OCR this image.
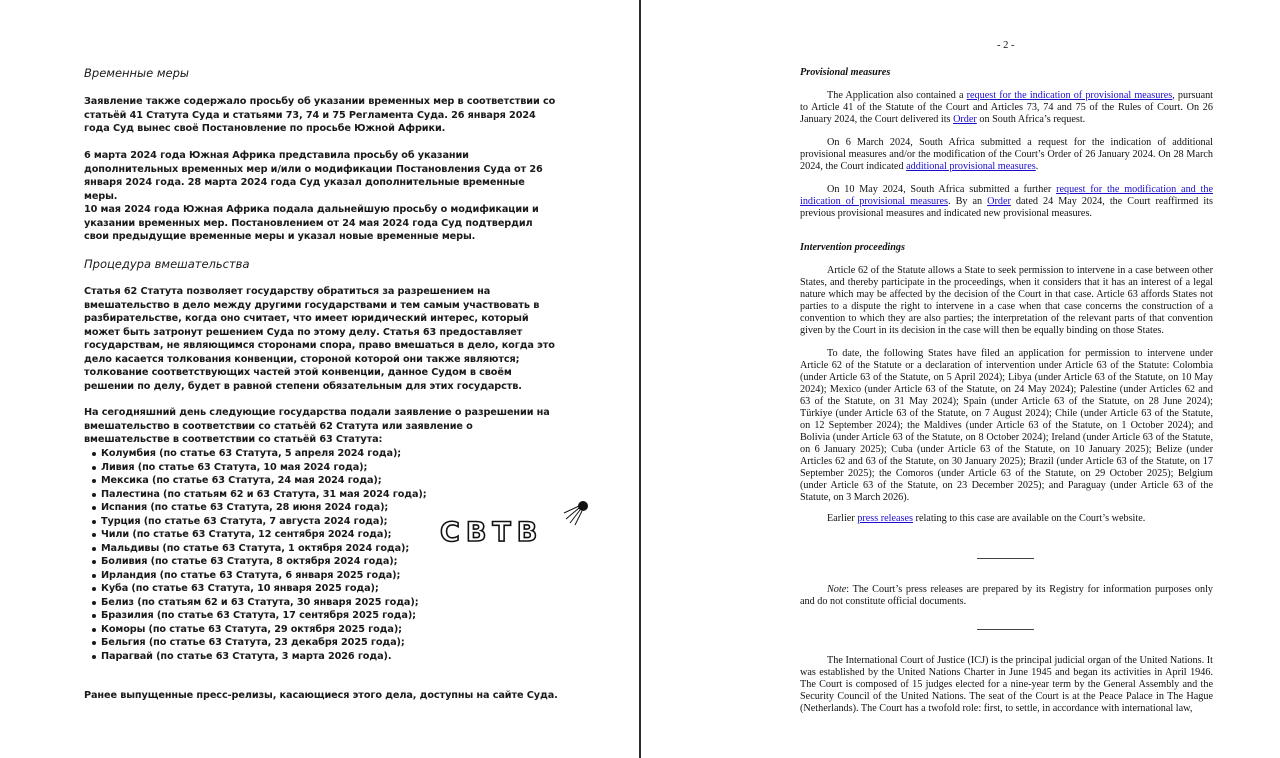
Временные меры
Заявление также содержало просьбу об указании временных мер в соответствии со статьёй 41 Статута Суда и статьями 73, 74 и 75 Регламента Суда. 26 января 2024 года Суд вынес своё Постановление по просьбе Южной Африки.
6 марта 2024 года Южная Африка представила просьбу об указании дополнительных временных мер и/или о модификации Постановления Суда от 26 января 2024 года. 28 марта 2024 года Суд указал дополнительные временные меры.
10 мая 2024 года Южная Африка подала дальнейшую просьбу о модификации и указании временных мер. Постановлением от 24 мая 2024 года Суд подтвердил свои предыдущие временные меры и указал новые временные меры.
Процедура вмешательства
Статья 62 Статута позволяет государству обратиться за разрешением на вмешательство в дело между другими государствами и тем самым участвовать в разбирательстве, когда оно считает, что имеет юридический интерес, который может быть затронут решением Суда по этому делу. Статья 63 предоставляет государствам, не являющимся сторонами спора, право вмешаться в дело, когда это дело касается толкования конвенции, стороной которой они также являются; толкование соответствующих частей этой конвенции, данное Судом в своём решении по делу, будет в равной степени обязательным для этих государств.
На сегодняшний день следующие государства подали заявление о разрешении на вмешательство в соответствии со статьёй 62 Статута или заявление о вмешательстве в соответствии со статьёй 63 Статута:
Колумбия (по статье 63 Статута, 5 апреля 2024 года);
Ливия (по статье 63 Статута, 10 мая 2024 года);
Мексика (по статье 63 Статута, 24 мая 2024 года);
Палестина (по статьям 62 и 63 Статута, 31 мая 2024 года);
Испания (по статье 63 Статута, 28 июня 2024 года);
Турция (по статье 63 Статута, 7 августа 2024 года);
Чили (по статье 63 Статута, 12 сентября 2024 года);
Мальдивы (по статье 63 Статута, 1 октября 2024 года);
Боливия (по статье 63 Статута, 8 октября 2024 года);
Ирландия (по статье 63 Статута, 6 января 2025 года);
Куба (по статье 63 Статута, 10 января 2025 года);
Белиз (по статьям 62 и 63 Статута, 30 января 2025 года);
Бразилия (по статье 63 Статута, 17 сентября 2025 года);
Коморы (по статье 63 Статута, 29 октября 2025 года);
Бельгия (по статье 63 Статута, 23 декабря 2025 года);
Парагвай (по статье 63 Статута, 3 марта 2026 года).
Ранее выпущенные пресс-релизы, касающиеся этого дела, доступны на сайте Суда.
СВТВ
- 2 -
Provisional measures

The Application also contained a request for the indication of provisional measures, pursuant to Article 41 of the Statute of the Court and Articles 73, 74 and 75 of the Rules of Court. On 26 January 2024, the Court delivered its Order on South Africa’s request.

On 6 March 2024, South Africa submitted a request for the indication of additional provisional measures and/or the modification of the Court’s Order of 26 January 2024. On 28 March 2024, the Court indicated additional provisional measures.

On 10 May 2024, South Africa submitted a further request for the modification and the indication of provisional measures. By an Order dated 24 May 2024, the Court reaffirmed its previous provisional measures and indicated new provisional measures.

Intervention proceedings

Article 62 of the Statute allows a State to seek permission to intervene in a case between other States, and thereby participate in the proceedings, when it considers that it has an interest of a legal nature which may be affected by the decision of the Court in that case. Article 63 affords States not parties to a dispute the right to intervene in a case when that case concerns the construction of a convention to which they are also parties; the interpretation of the relevant parts of that convention given by the Court in its decision in the case will then be equally binding on those States.

To date, the following States have filed an application for permission to intervene under Article 62 of the Statute or a declaration of intervention under Article 63 of the Statute: Colombia (under Article 63 of the Statute, on 5 April 2024); Libya (under Article 63 of the Statute, on 10 May 2024); Mexico (under Article 63 of the Statute, on 24 May 2024); Palestine (under Articles 62 and 63 of the Statute, on 31 May 2024); Spain (under Article 63 of the Statute, on 28 June 2024); Türkiye (under Article 63 of the Statute, on 7 August 2024); Chile (under Article 63 of the Statute, on 12 September 2024); the Maldives (under Article 63 of the Statute, on 1 October 2024); and Bolivia (under Article 63 of the Statute, on 8 October 2024); Ireland (under Article 63 of the Statute, on 6 January 2025); Cuba (under Article 63 of the Statute, on 10 January 2025); Belize (under Articles 62 and 63 of the Statute, on 30 January 2025); Brazil (under Article 63 of the Statute, on 17 September 2025); the Comoros (under Article 63 of the Statute, on 29 October 2025); Belgium (under Article 63 of the Statute, on 23 December 2025); and Paraguay (under Article 63 of the Statute, on 3 March 2026).

Earlier press releases relating to this case are available on the Court’s website.

Note: The Court’s press releases are prepared by its Registry for information purposes only and do not constitute official documents.

The International Court of Justice (ICJ) is the principal judicial organ of the United Nations. It was established by the United Nations Charter in June 1945 and began its activities in April 1946. The Court is composed of 15 judges elected for a nine-year term by the General Assembly and the Security Council of the United Nations. The seat of the Court is at the Peace Palace in The Hague (Netherlands). The Court has a twofold role: first, to settle, in accordance with international law,
